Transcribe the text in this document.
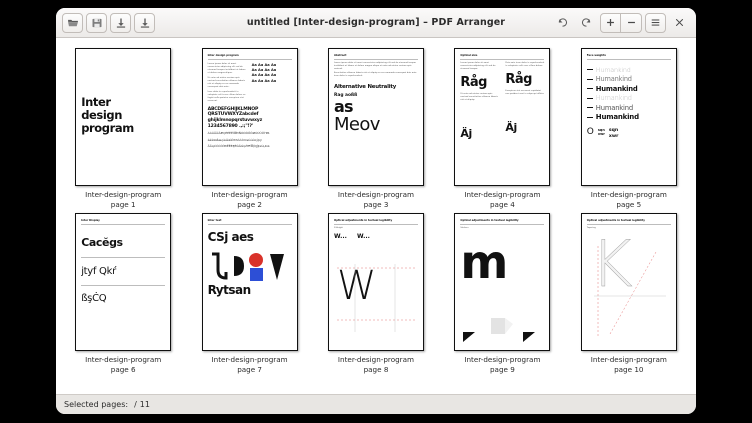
untitled [Inter-design-program] – PDF Arranger
Inter
design
program
Inter-design-program
page 1
Inter design program
Lorem ipsum dolor sit amet consectetur adipiscing elit sed do eiusmod tempor incididunt ut labore et dolore magna aliqua.
Ut enim ad minim veniam quis nostrud exercitation ullamco laboris nisi ut aliquip ex ea commodo consequat duis aute.
Irure dolor in reprehenderit in voluptate velit esse cillum dolore eu fugiat nulla pariatur excepteur sint occaecat.
Aa Aa Aa Aa
Aa Aa Aa Aa
Aa Aa Aa Aa
Aa Aa Aa Aa
ABCDEFGHIJKLMNOP
QRSTUVWXYZabcdef
ghijklmnopqrstuvwxyz
1234567890 .,:;"!?'
ÀÁÂÃÄÅÆÇÈÉÊËÌÍÎÏÐÑÒÓÔÕÖØÙÚÛÜÝÞß
àáâãäåæçèéêëìíîïðñòóôõöøùúûüýþÿ
ĀĂĄĆĈĊČĎĐĒĔĖĘĚĜĞĠĢĤĦĨĪĬĮİĲĴĶĸĹĻĽĿŁ
Inter-design-program
page 2
Abstract
Lorem ipsum dolor sit amet consectetur adipiscing elit sed do eiusmod tempor incididunt ut labore et dolore magna aliqua ut enim ad minim veniam quis nostrud.
Exercitation ullamco laboris nisi ut aliquip ex ea commodo consequat duis aute irure dolor in reprehenderit.
Alternative Neutrality
Rag aoßß
as
Meov
Inter-design-program
page 3
Optical size
Lorem ipsum dolor sit amet consectetur adipiscing elit sed do eiusmod tempor.
Råg
Ut enim ad minim veniam quis nostrud exercitation ullamco laboris nisi ut aliquip.
Äj
Duis aute irure dolor in reprehenderit in voluptate velit esse cillum dolore.
Råg
Excepteur sint occaecat cupidatat non proident sunt in culpa qui officia.
Äj
Inter-design-program
page 4
Face weights
Humankind
Humankind
Humankind
Humankind
Humankind
Humankind
O sqn
xwr
sqn
xwr
Inter-design-program
page 5
Inter Display
Cacĕgs
jtyf Qkŕ
ßşĊQ
Inter-design-program
page 6
Inter text
CSj aes
Rytsan
Inter-design-program
page 7
Optical adjustments in textual legibility
X-Height
W... W...
W
Inter-design-program
page 8
Optical adjustments in textual legibility
Stickers
m
Inter-design-program
page 9
Optical adjustments in textual legibility
Tapering
K
Inter-design-program
page 10
Selected pages: / 11
